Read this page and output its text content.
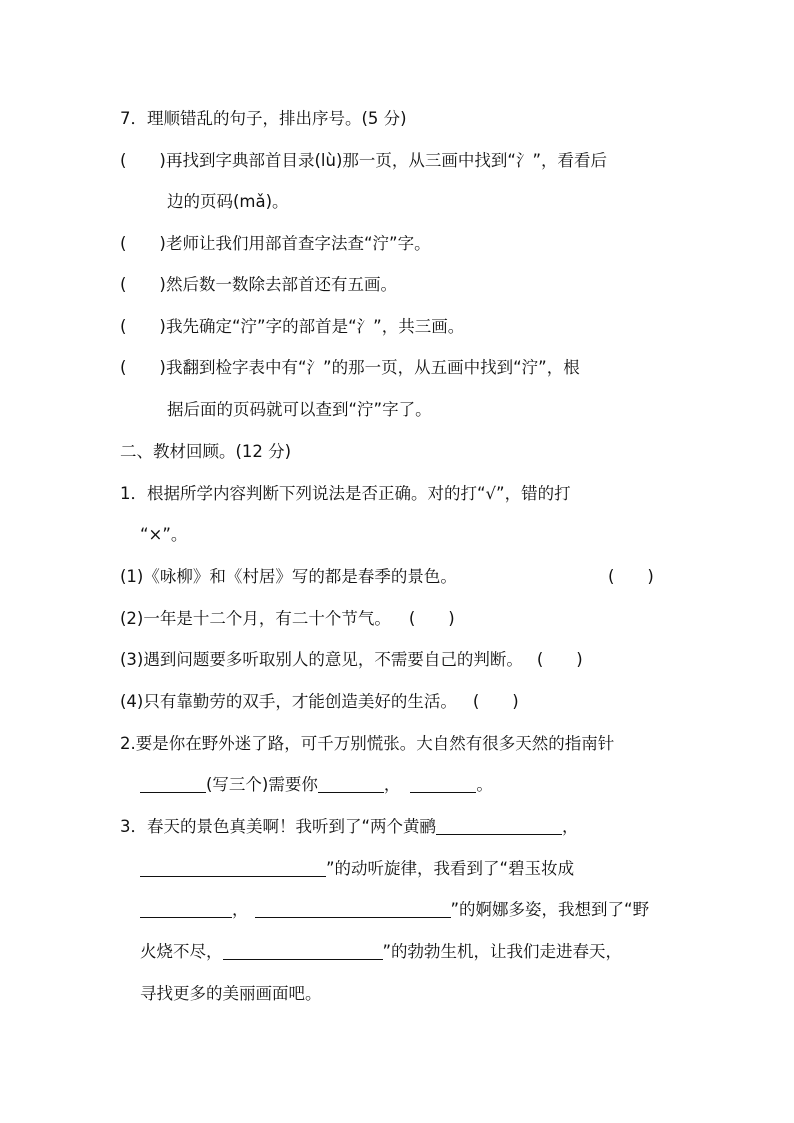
7．理顺错乱的句子，排出序号。(5 分)
(　　)再找到字典部首目录(lù)那一页，从三画中找到“氵”，看看后
边的页码(mǎ)。
(　　)老师让我们用部首查字法查“泞”字。
(　　)然后数一数除去部首还有五画。
(　　)我先确定“泞”字的部首是“氵”，共三画。
(　　)我翻到检字表中有“氵”的那一页，从五画中找到“泞”，根
据后面的页码就可以查到“泞”字了。
二、教材回顾。(12 分)
1．根据所学内容判断下列说法是否正确。对的打“√”，错的打
“×”。
(1)《咏柳》和《村居》写的都是春季的景色。	(　　)
(2)一年是十二个月，有二十个节气。 (　　)
(3)遇到问题要多听取别人的意见，不需要自己的判断。 (　　)
(4)只有靠勤劳的双手，才能创造美好的生活。 (　　)
2.要是你在野外迷了路，可千万别慌张。大自然有很多天然的指南针
(写三个)需要你	，	。
3．春天的景色真美啊！我听到了“两个黄鹂	，
”的动听旋律，我看到了“碧玉妆成
，	”的婀娜多姿，我想到了“野
火烧不尽，	”的勃勃生机，让我们走进春天，
寻找更多的美丽画面吧。
